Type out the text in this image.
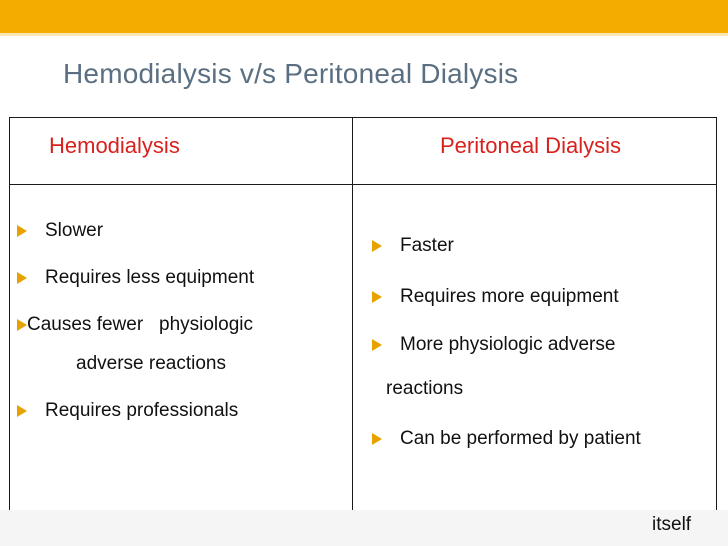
Hemodialysis v/s Peritoneal Dialysis
Hemodialysis	Peritoneal Dialysis
Slower
Requires less equipment
Causes fewer   physiologic
adverse reactions
Requires professionals
Faster
Requires more equipment
More physiologic adverse
reactions
Can be performed by patient
itself
